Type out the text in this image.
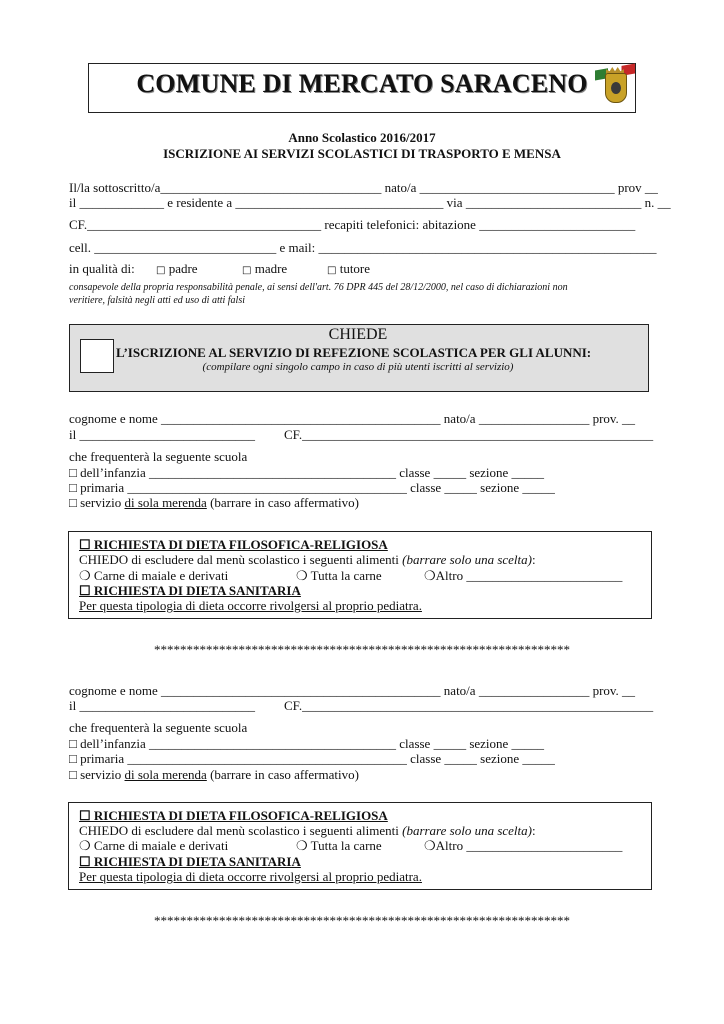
COMUNE DI MERCATO SARACENO
Anno Scolastico 2016/2017
ISCRIZIONE AI SERVIZI SCOLASTICI DI TRASPORTO E MENSA
Il/la sottoscritto/a__________________________________ nato/a ______________________________ prov __
il _____________ e residente a ________________________________ via ___________________________ n. __
CF.____________________________________ recapiti telefonici: abitazione ________________________
cell. ____________________________ e mail: ____________________________________________________
in qualità di: □ padre	□ madre	□ tutore
consapevole della propria responsabilità penale, ai sensi dell'art. 76 DPR 445 del 28/12/2000, nel caso di dichiarazioni non
veritiere, falsità negli atti ed uso di atti falsi
CHIEDE
L’ISCRIZIONE AL SERVIZIO DI REFEZIONE SCOLASTICA PER GLI ALUNNI:
(compilare ogni singolo campo in caso di più utenti iscritti al servizio)
cognome e nome ___________________________________________ nato/a _________________ prov. __
il ___________________________ CF.______________________________________________________
che frequenterà la seguente scuola
□ dell’infanzia ______________________________________ classe _____ sezione _____
□ primaria ___________________________________________ classe _____ sezione _____
□ servizio di sola merenda (barrare in caso affermativo)
☐ RICHIESTA DI DIETA FILOSOFICA-RELIGIOSA
CHIEDO di escludere dal menù scolastico i seguenti alimenti (barrare solo una scelta):
❍ Carne di maiale e derivati	❍ Tutta la carne	❍Altro ________________________
☐ RICHIESTA DI DIETA SANITARIA
Per questa tipologia di dieta occorre rivolgersi al proprio pediatra.
****************************************************************
cognome e nome ___________________________________________ nato/a _________________ prov. __
il ___________________________ CF.______________________________________________________
che frequenterà la seguente scuola
□ dell’infanzia ______________________________________ classe _____ sezione _____
□ primaria ___________________________________________ classe _____ sezione _____
□ servizio di sola merenda (barrare in caso affermativo)
☐ RICHIESTA DI DIETA FILOSOFICA-RELIGIOSA
CHIEDO di escludere dal menù scolastico i seguenti alimenti (barrare solo una scelta):
❍ Carne di maiale e derivati	❍ Tutta la carne	❍Altro ________________________
☐ RICHIESTA DI DIETA SANITARIA
Per questa tipologia di dieta occorre rivolgersi al proprio pediatra.
****************************************************************
